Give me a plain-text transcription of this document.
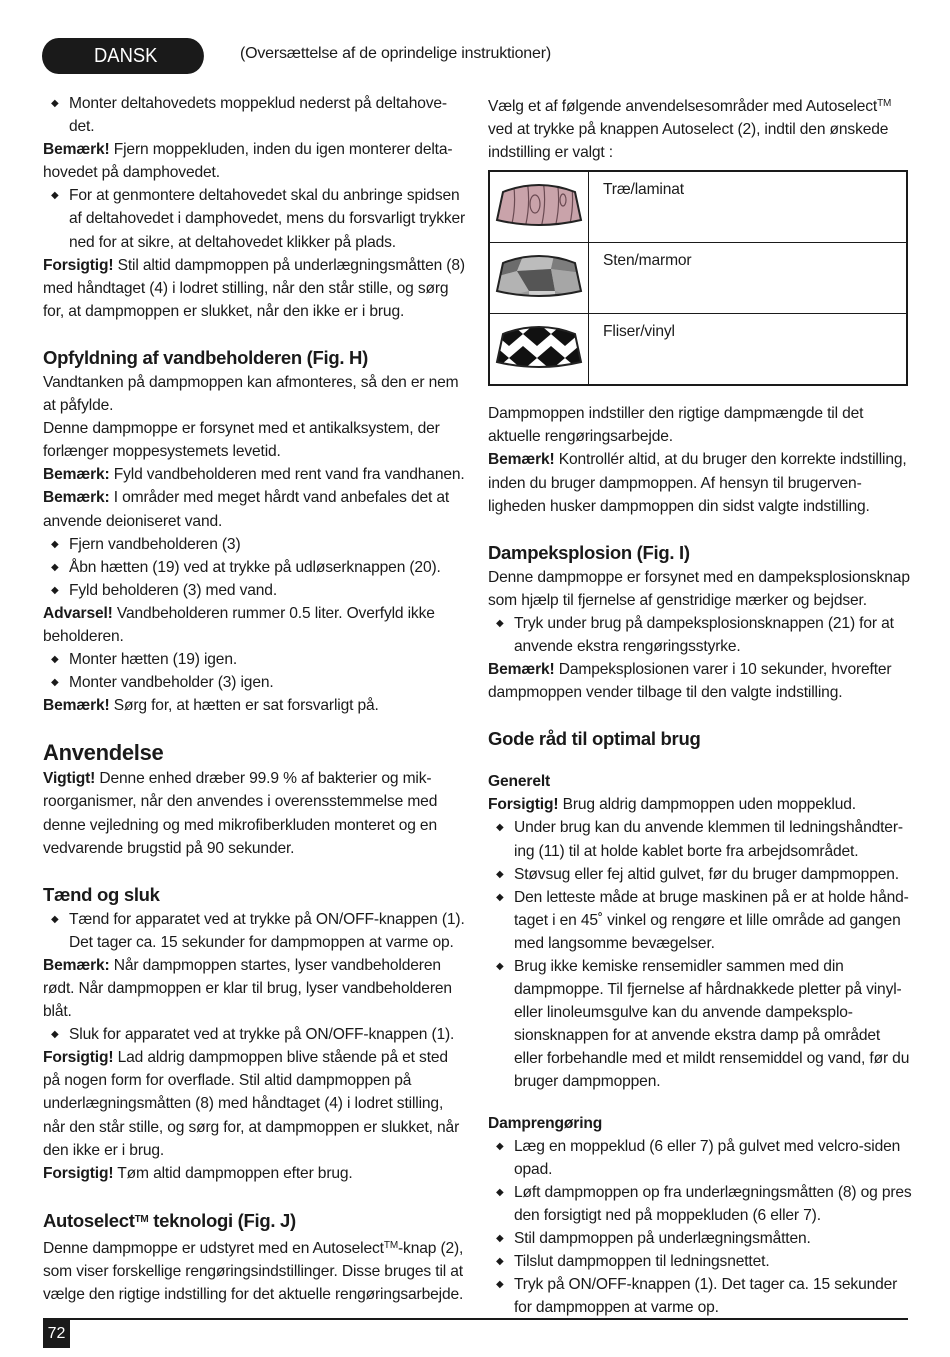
DANSK	(Oversættelse af de oprindelige instruktioner)

◆ Monter deltahovedets moppeklud nederst på deltahove-det.

Bemærk! Fjern moppekluden, inden du igen monterer delta-hovedet på damphovedet.

◆ For at genmontere deltahovedet skal du anbringe spidsen af deltahovedet i damphovedet, mens du forsvarligt trykker ned for at sikre, at deltahovedet klikker på plads.

Forsigtig! Stil altid dampmoppen på underlægningsmåtten (8) med håndtaget (4) i lodret stilling, når den står stille, og sørg for, at dampmoppen er slukket, når den ikke er i brug.

Opfyldning af vandbeholderen (Fig. H)

Vandtanken på dampmoppen kan afmonteres, så den er nem at påfylde.

Denne dampmoppe er forsynet med et antikalksystem, der forlænger moppesystemets levetid.

Bemærk: Fyld vandbeholderen med rent vand fra vandhanen.

Bemærk: I områder med meget hårdt vand anbefales det at anvende deioniseret vand.

◆ Fjern vandbeholderen (3)

◆ Åbn hætten (19) ved at trykke på udløserknappen (20).

◆ Fyld beholderen (3) med vand.

Advarsel! Vandbeholderen rummer 0.5 liter. Overfyld ikke beholderen.

◆ Monter hætten (19) igen.

◆ Monter vandbeholder (3) igen.

Bemærk! Sørg for, at hætten er sat forsvarligt på.

Anvendelse

Vigtigt! Denne enhed dræber 99.9 % af bakterier og mik-roorganismer, når den anvendes i overensstemmelse med denne vejledning og med mikrofiberkluden monteret og en vedvarende brugstid på 90 sekunder.

Tænd og sluk

◆ Tænd for apparatet ved at trykke på ON/OFF-knappen (1). Det tager ca. 15 sekunder for dampmoppen at varme op.

Bemærk: Når dampmoppen startes, lyser vandbeholderen rødt. Når dampmoppen er klar til brug, lyser vandbeholderen blåt.

◆ Sluk for apparatet ved at trykke på ON/OFF-knappen (1).

Forsigtig! Lad aldrig dampmoppen blive stående på et sted på nogen form for overflade. Stil altid dampmoppen på underlægningsmåtten (8) med håndtaget (4) i lodret stilling, når den står stille, og sørg for, at dampmoppen er slukket, når den ikke er i brug.

Forsigtig! Tøm altid dampmoppen efter brug.

Autoselect™ teknologi (Fig. J)

Denne dampmoppe er udstyret med en Autoselect™-knap (2), som viser forskellige rengøringsindstillinger. Disse bruges til at vælge den rigtige indstilling for det aktuelle rengøringsarbejde.

Vælg et af følgende anvendelsesområder med Autoselect™ ved at trykke på knappen Autoselect (2), indtil den ønskede indstilling er valgt :

	Træ/laminat
	Sten/marmor
	Fliser/vinyl

Dampmoppen indstiller den rigtige dampmængde til det aktuelle rengøringsarbejde.

Bemærk! Kontrollér altid, at du bruger den korrekte indstilling, inden du bruger dampmoppen. Af hensyn til brugerven-ligheden husker dampmoppen din sidst valgte indstilling.

Dampeksplosion (Fig. I)

Denne dampmoppe er forsynet med en dampeksplosionsknap som hjælp til fjernelse af genstridige mærker og bejdser.

◆ Tryk under brug på dampeksplosionsknappen (21) for at anvende ekstra rengøringsstyrke.

Bemærk! Dampeksplosionen varer i 10 sekunder, hvorefter dampmoppen vender tilbage til den valgte indstilling.

Gode råd til optimal brug
Generelt

Forsigtig! Brug aldrig dampmoppen uden moppeklud.

◆ Under brug kan du anvende klemmen til ledningshåndter-ing (11) til at holde kablet borte fra arbejdsområdet.

◆ Støvsug eller fej altid gulvet, før du bruger dampmoppen.

◆ Den letteste måde at bruge maskinen på er at holde hånd-taget i en 45˚ vinkel og rengøre et lille område ad gangen med langsomme bevægelser.

◆ Brug ikke kemiske rensemidler sammen med din dampmoppe. Til fjernelse af hårdnakkede pletter på vinyl- eller linoleumsgulve kan du anvende dampeksplo-sionsknappen for at anvende ekstra damp på området eller forbehandle med et mildt rensemiddel og vand, før du bruger dampmoppen.

Damprengøring

◆ Læg en moppeklud (6 eller 7) på gulvet med velcro-siden opad.

◆ Løft dampmoppen op fra underlægningsmåtten (8) og pres den forsigtigt ned på moppekluden (6 eller 7).

◆ Stil dampmoppen på underlægningsmåtten.

◆ Tilslut dampmoppen til ledningsnettet.

◆ Tryk på ON/OFF-knappen (1). Det tager ca. 15 sekunder for dampmoppen at varme op.

72
